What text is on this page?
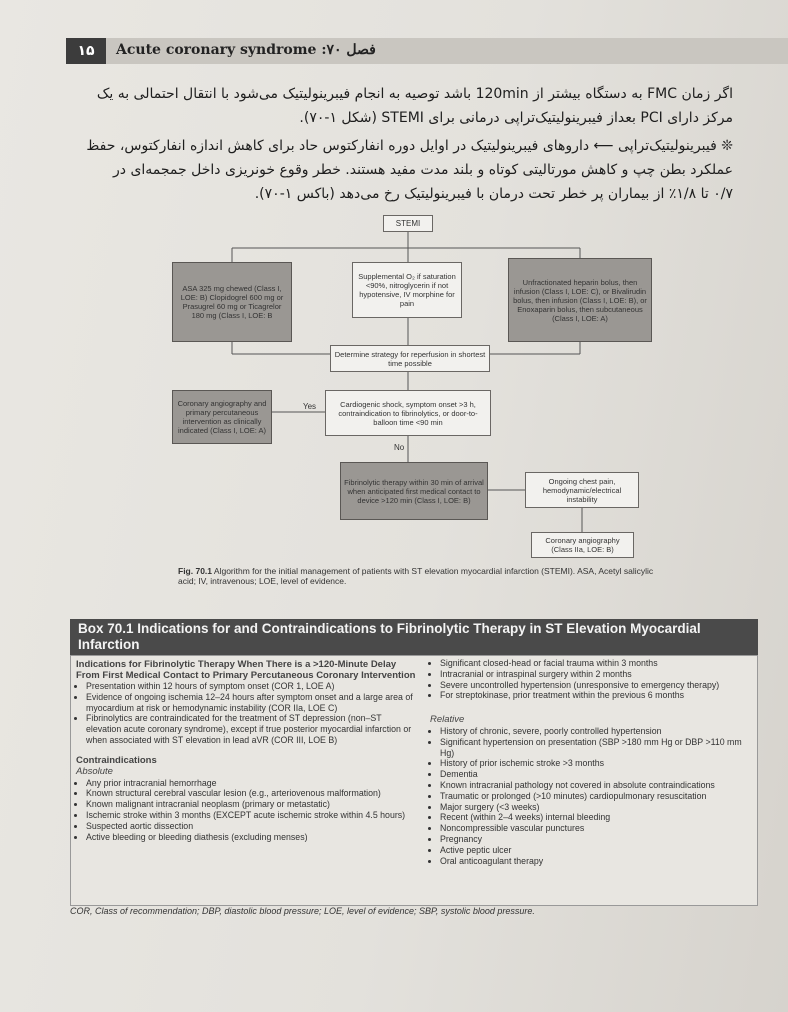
۱۵	Acute coronary syndrome :۷۰ فصل
اگر زمان FMC به دستگاه بیشتر از 120min باشد توصیه به انجام فیبرینولیتیک می‌شود با انتقال احتمالی به یک
مرکز دارای PCI بعداز فیبرینولیتیک‌تراپی درمانی برای STEMI (شکل ۱-۷۰).
❊ فیبرینولیتیک‌تراپی ⟵ داروهای فیبرینولیتیک در اوایل دوره انفارکتوس حاد برای کاهش اندازه انفارکتوس، حفظ
عملکرد بطن چپ و کاهش مورتالیتی کوتاه و بلند مدت مفید هستند. خطر وقوع خونریزی داخل جمجمه‌ای در
۰/۷ تا ۱/۸٪ از بیماران پر خطر تحت درمان با فیبرینولیتیک رخ می‌دهد (باکس ۱-۷۰).
STEMI
ASA 325 mg chewed (Class I, LOE: B) Clopidogrel 600 mg or Prasugrel 60 mg or Ticagrelor 180 mg (Class I, LOE: B
Supplemental O₂ if saturation <90%, nitroglycerin if not hypotensive, IV morphine for pain
Unfractionated heparin bolus, then infusion (Class I, LOE: C), or Bivalirudin bolus, then infusion (Class I, LOE: B), or Enoxaparin bolus, then subcutaneous (Class I, LOE: A)
Determine strategy for reperfusion in shortest time possible
Coronary angiography and primary percutaneous intervention as clinically indicated (Class I, LOE: A)
Yes	Cardiogenic shock, symptom onset >3 h, contraindication to fibrinolytics, or door-to-balloon time <90 min
No
Fibrinolytic therapy within 30 min of arrival when anticipated first medical contact to device >120 min (Class I, LOE: B)
Ongoing chest pain, hemodynamic/electrical instability
Coronary angiography (Class IIa, LOE: B)
Fig. 70.1 Algorithm for the initial management of patients with ST elevation myocardial infarction (STEMI). ASA, Acetyl salicylic acid; IV, intravenous; LOE, level of evidence.
Box 70.1 Indications for and Contraindications to Fibrinolytic Therapy in ST Elevation Myocardial Infarction
Indications for Fibrinolytic Therapy When There is a >120-Minute Delay From First Medical Contact to Primary Percutaneous Coronary Intervention
• Presentation within 12 hours of symptom onset (COR 1, LOE A)
• Evidence of ongoing ischemia 12–24 hours after symptom onset and a large area of myocardium at risk or hemodynamic instability (COR IIa, LOE C)
• Fibrinolytics are contraindicated for the treatment of ST depression (non–ST elevation acute coronary syndrome), except if true posterior myocardial infarction or when associated with ST elevation in lead aVR (COR III, LOE B)
Contraindications
Absolute
• Any prior intracranial hemorrhage
• Known structural cerebral vascular lesion (e.g., arteriovenous malformation)
• Known malignant intracranial neoplasm (primary or metastatic)
• Ischemic stroke within 3 months (EXCEPT acute ischemic stroke within 4.5 hours)
• Suspected aortic dissection
• Active bleeding or bleeding diathesis (excluding menses)
• Significant closed-head or facial trauma within 3 months
• Intracranial or intraspinal surgery within 2 months
• Severe uncontrolled hypertension (unresponsive to emergency therapy)
• For streptokinase, prior treatment within the previous 6 months
Relative
• History of chronic, severe, poorly controlled hypertension
• Significant hypertension on presentation (SBP >180 mm Hg or DBP >110 mm Hg)
• History of prior ischemic stroke >3 months
• Dementia
• Known intracranial pathology not covered in absolute contraindications
• Traumatic or prolonged (>10 minutes) cardiopulmonary resuscitation
• Major surgery (<3 weeks)
• Recent (within 2–4 weeks) internal bleeding
• Noncompressible vascular punctures
• Pregnancy
• Active peptic ulcer
• Oral anticoagulant therapy
COR, Class of recommendation; DBP, diastolic blood pressure; LOE, level of evidence; SBP, systolic blood pressure.
